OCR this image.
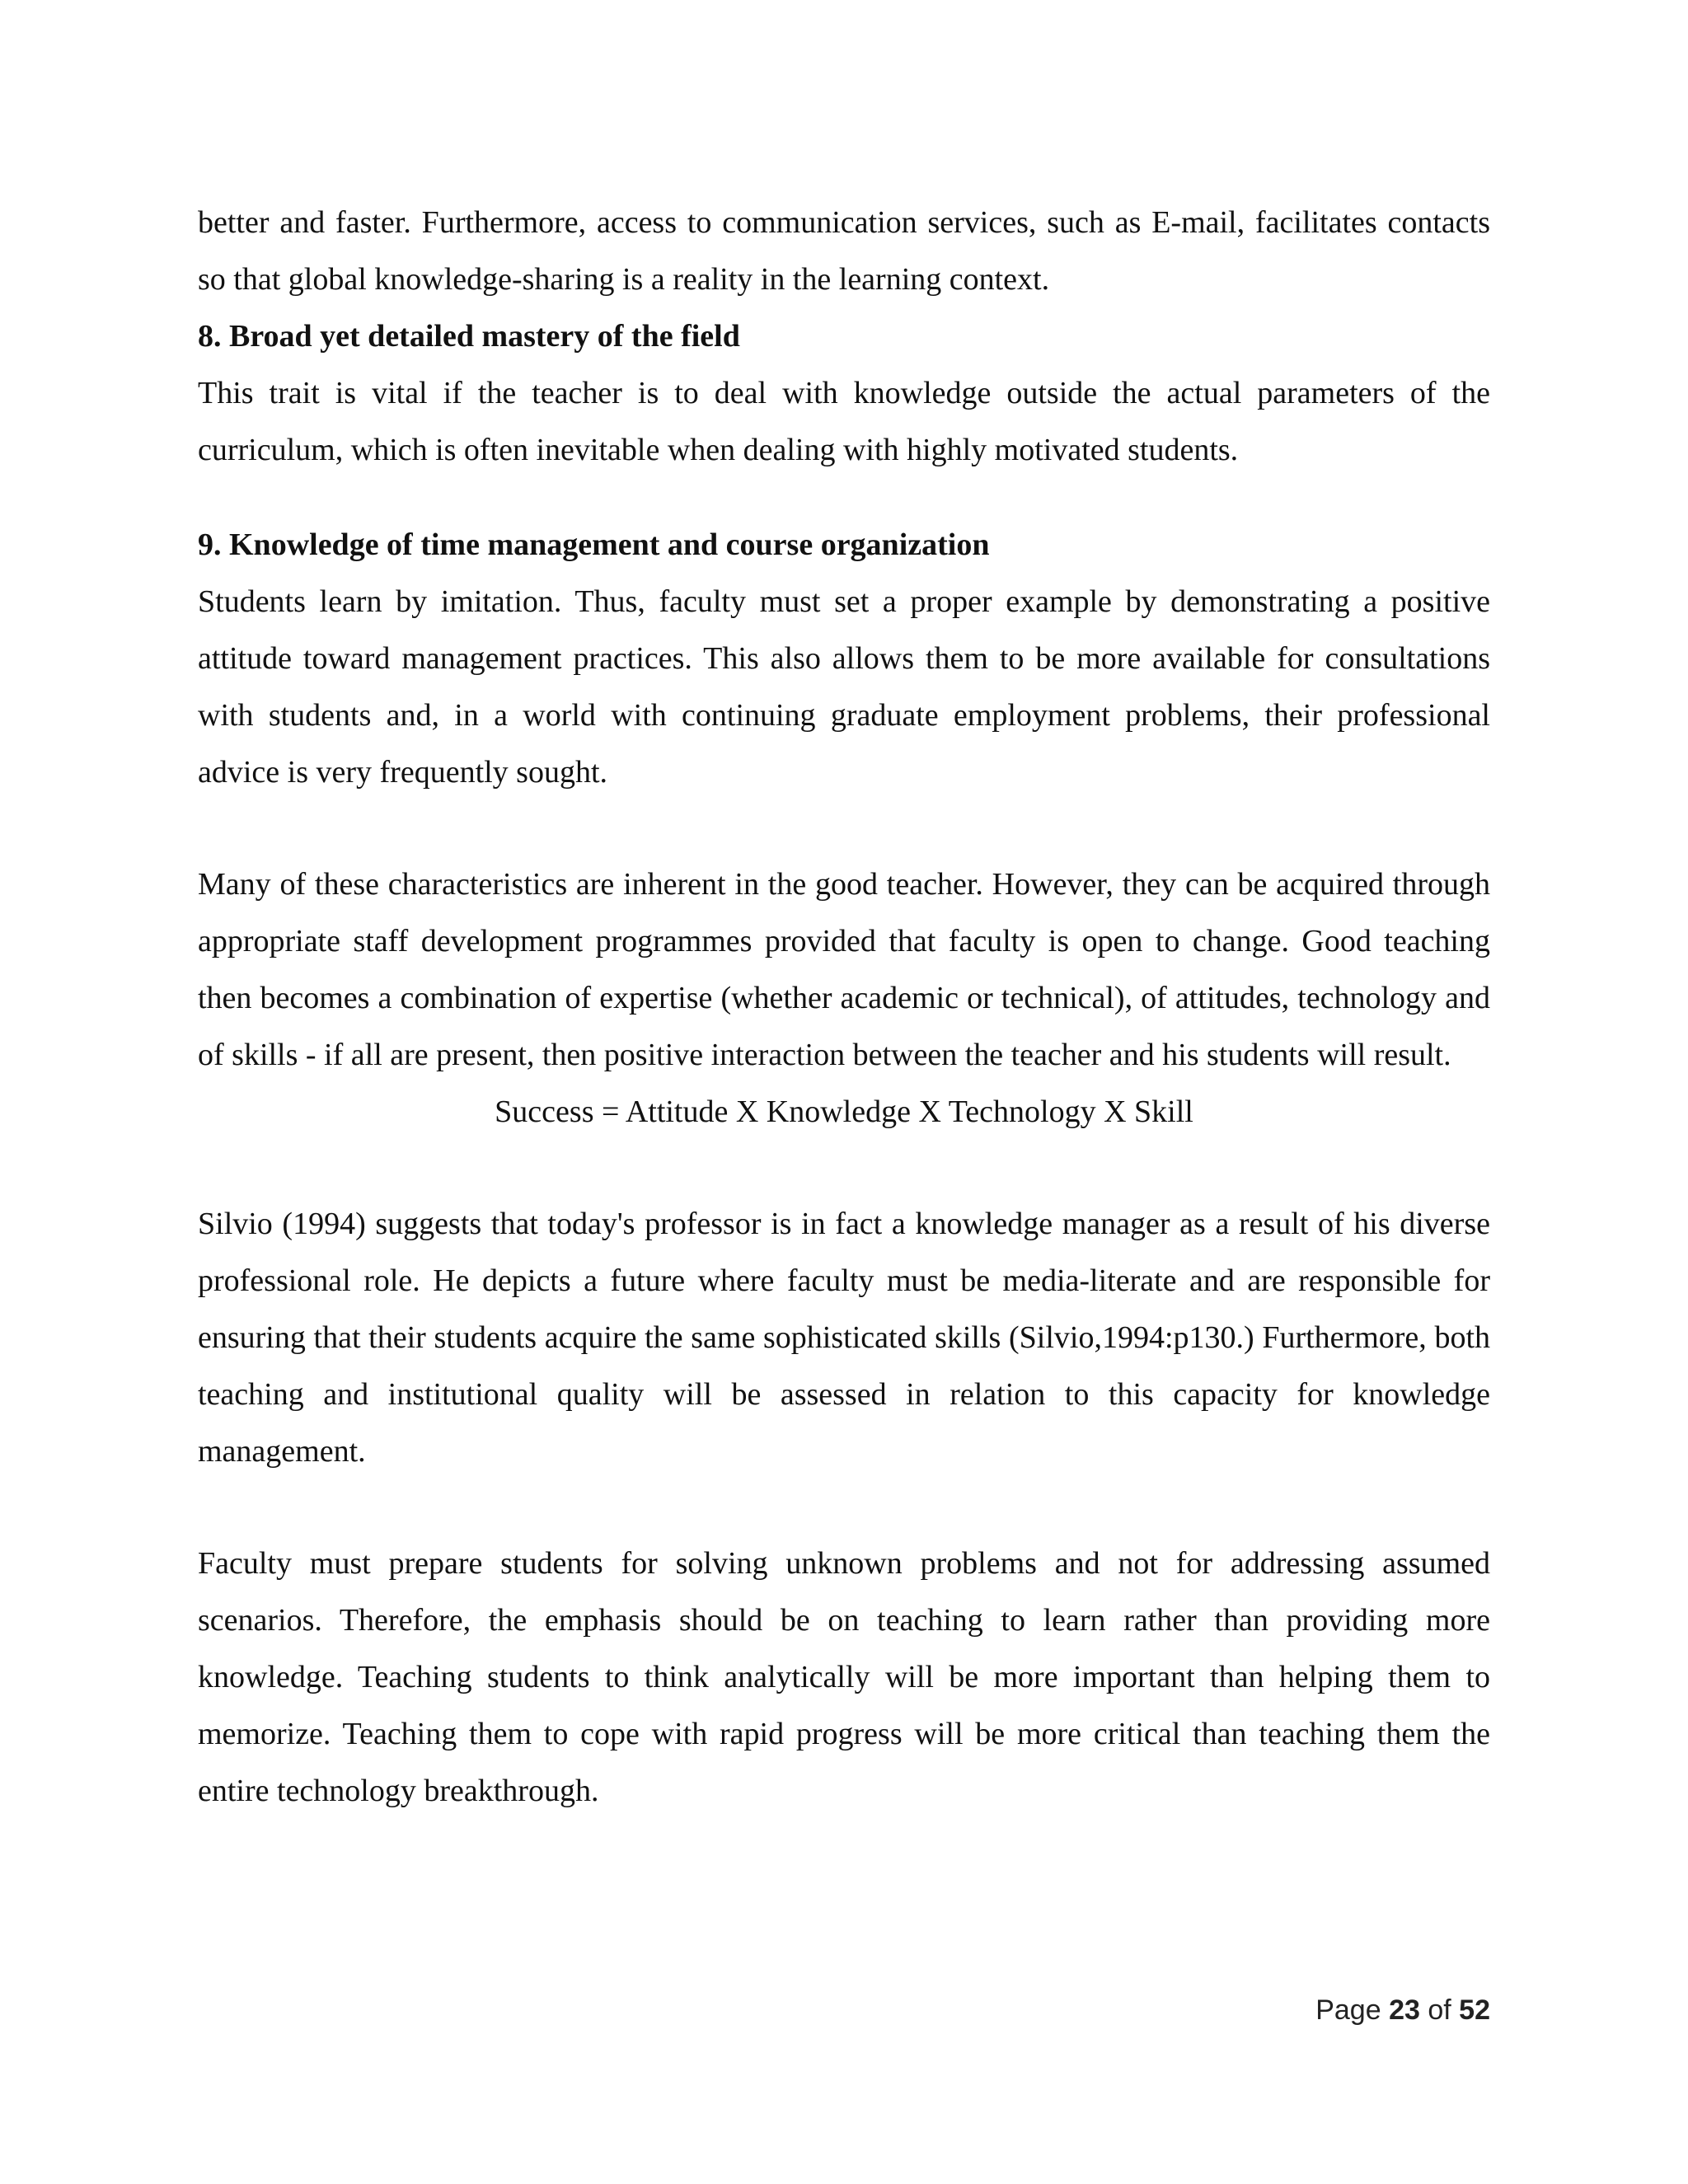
better and faster. Furthermore, access to communication services, such as E-mail, facilitates contacts so that global knowledge-sharing is a reality in the learning context.

8. Broad yet detailed mastery of the field

This trait is vital if the teacher is to deal with knowledge outside the actual parameters of the curriculum, which is often inevitable when dealing with highly motivated students.

9. Knowledge of time management and course organization

Students learn by imitation. Thus, faculty must set a proper example by demonstrating a positive attitude toward management practices. This also allows them to be more available for consultations with students and, in a world with continuing graduate employment problems, their professional advice is very frequently sought.

Many of these characteristics are inherent in the good teacher. However, they can be acquired through appropriate staff development programmes provided that faculty is open to change. Good teaching then becomes a combination of expertise (whether academic or technical), of attitudes, technology and of skills - if all are present, then positive interaction between the teacher and his students will result.

Success = Attitude X Knowledge X Technology X Skill

Silvio (1994) suggests that today's professor is in fact a knowledge manager as a result of his diverse professional role. He depicts a future where faculty must be media-literate and are responsible for ensuring that their students acquire the same sophisticated skills (Silvio,1994:p130.) Furthermore, both teaching and institutional quality will be assessed in relation to this capacity for knowledge management.

Faculty must prepare students for solving unknown problems and not for addressing assumed scenarios. Therefore, the emphasis should be on teaching to learn rather than providing more knowledge. Teaching students to think analytically will be more important than helping them to memorize. Teaching them to cope with rapid progress will be more critical than teaching them the entire technology breakthrough.

Page 23 of 52
